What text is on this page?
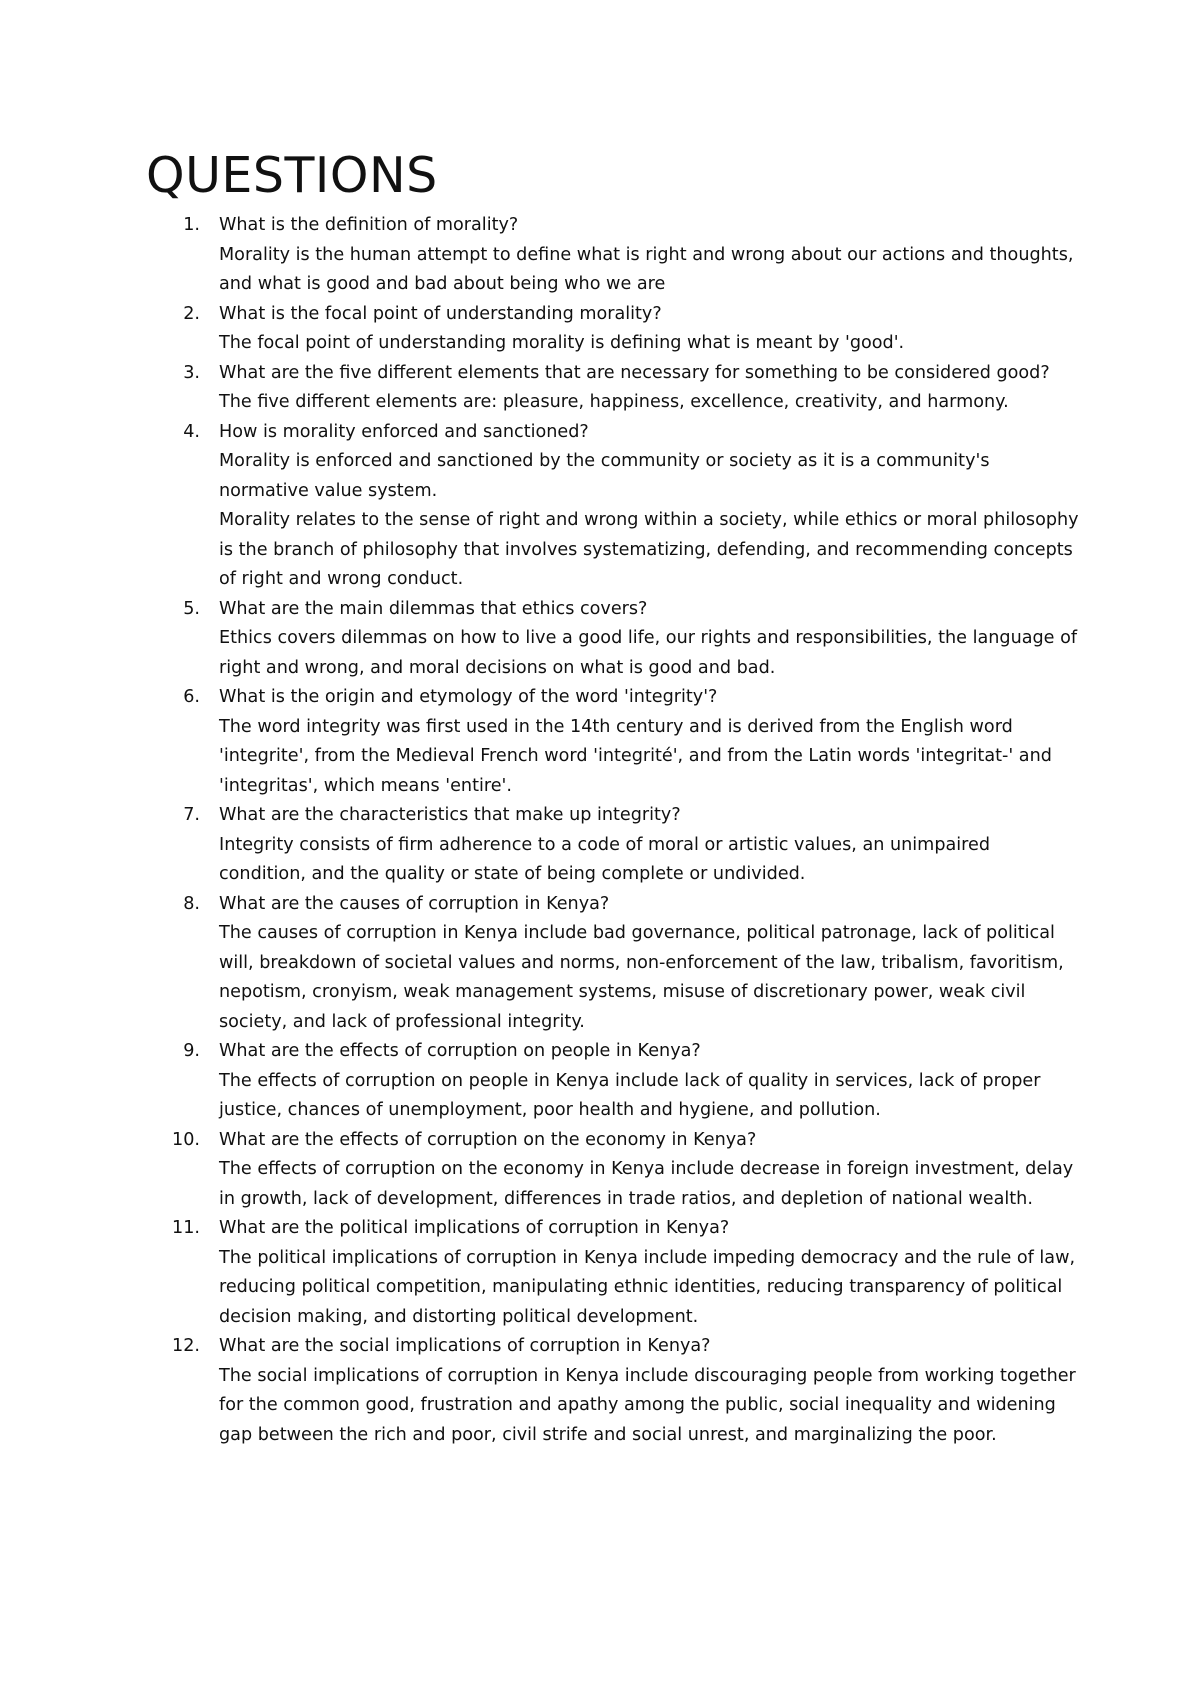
QUESTIONS
1. What is the definition of morality?
Morality is the human attempt to define what is right and wrong about our actions and thoughts, and what is good and bad about being who we are
2. What is the focal point of understanding morality?
The focal point of understanding morality is defining what is meant by 'good'.
3. What are the five different elements that are necessary for something to be considered good?
The five different elements are: pleasure, happiness, excellence, creativity, and harmony.
4. How is morality enforced and sanctioned?
Morality is enforced and sanctioned by the community or society as it is a community's normative value system.
Morality relates to the sense of right and wrong within a society, while ethics or moral philosophy is the branch of philosophy that involves systematizing, defending, and recommending concepts of right and wrong conduct.
5. What are the main dilemmas that ethics covers?
Ethics covers dilemmas on how to live a good life, our rights and responsibilities, the language of right and wrong, and moral decisions on what is good and bad.
6. What is the origin and etymology of the word 'integrity'?
The word integrity was first used in the 14th century and is derived from the English word 'integrite', from the Medieval French word 'integrité', and from the Latin words 'integritat-' and 'integritas', which means 'entire'.
7. What are the characteristics that make up integrity?
Integrity consists of firm adherence to a code of moral or artistic values, an unimpaired condition, and the quality or state of being complete or undivided.
8. What are the causes of corruption in Kenya?
The causes of corruption in Kenya include bad governance, political patronage, lack of political will, breakdown of societal values and norms, non-enforcement of the law, tribalism, favoritism, nepotism, cronyism, weak management systems, misuse of discretionary power, weak civil society, and lack of professional integrity.
9. What are the effects of corruption on people in Kenya?
The effects of corruption on people in Kenya include lack of quality in services, lack of proper justice, chances of unemployment, poor health and hygiene, and pollution.
10. What are the effects of corruption on the economy in Kenya?
The effects of corruption on the economy in Kenya include decrease in foreign investment, delay in growth, lack of development, differences in trade ratios, and depletion of national wealth.
11. What are the political implications of corruption in Kenya?
The political implications of corruption in Kenya include impeding democracy and the rule of law, reducing political competition, manipulating ethnic identities, reducing transparency of political decision making, and distorting political development.
12. What are the social implications of corruption in Kenya?
The social implications of corruption in Kenya include discouraging people from working together for the common good, frustration and apathy among the public, social inequality and widening gap between the rich and poor, civil strife and social unrest, and marginalizing the poor.
